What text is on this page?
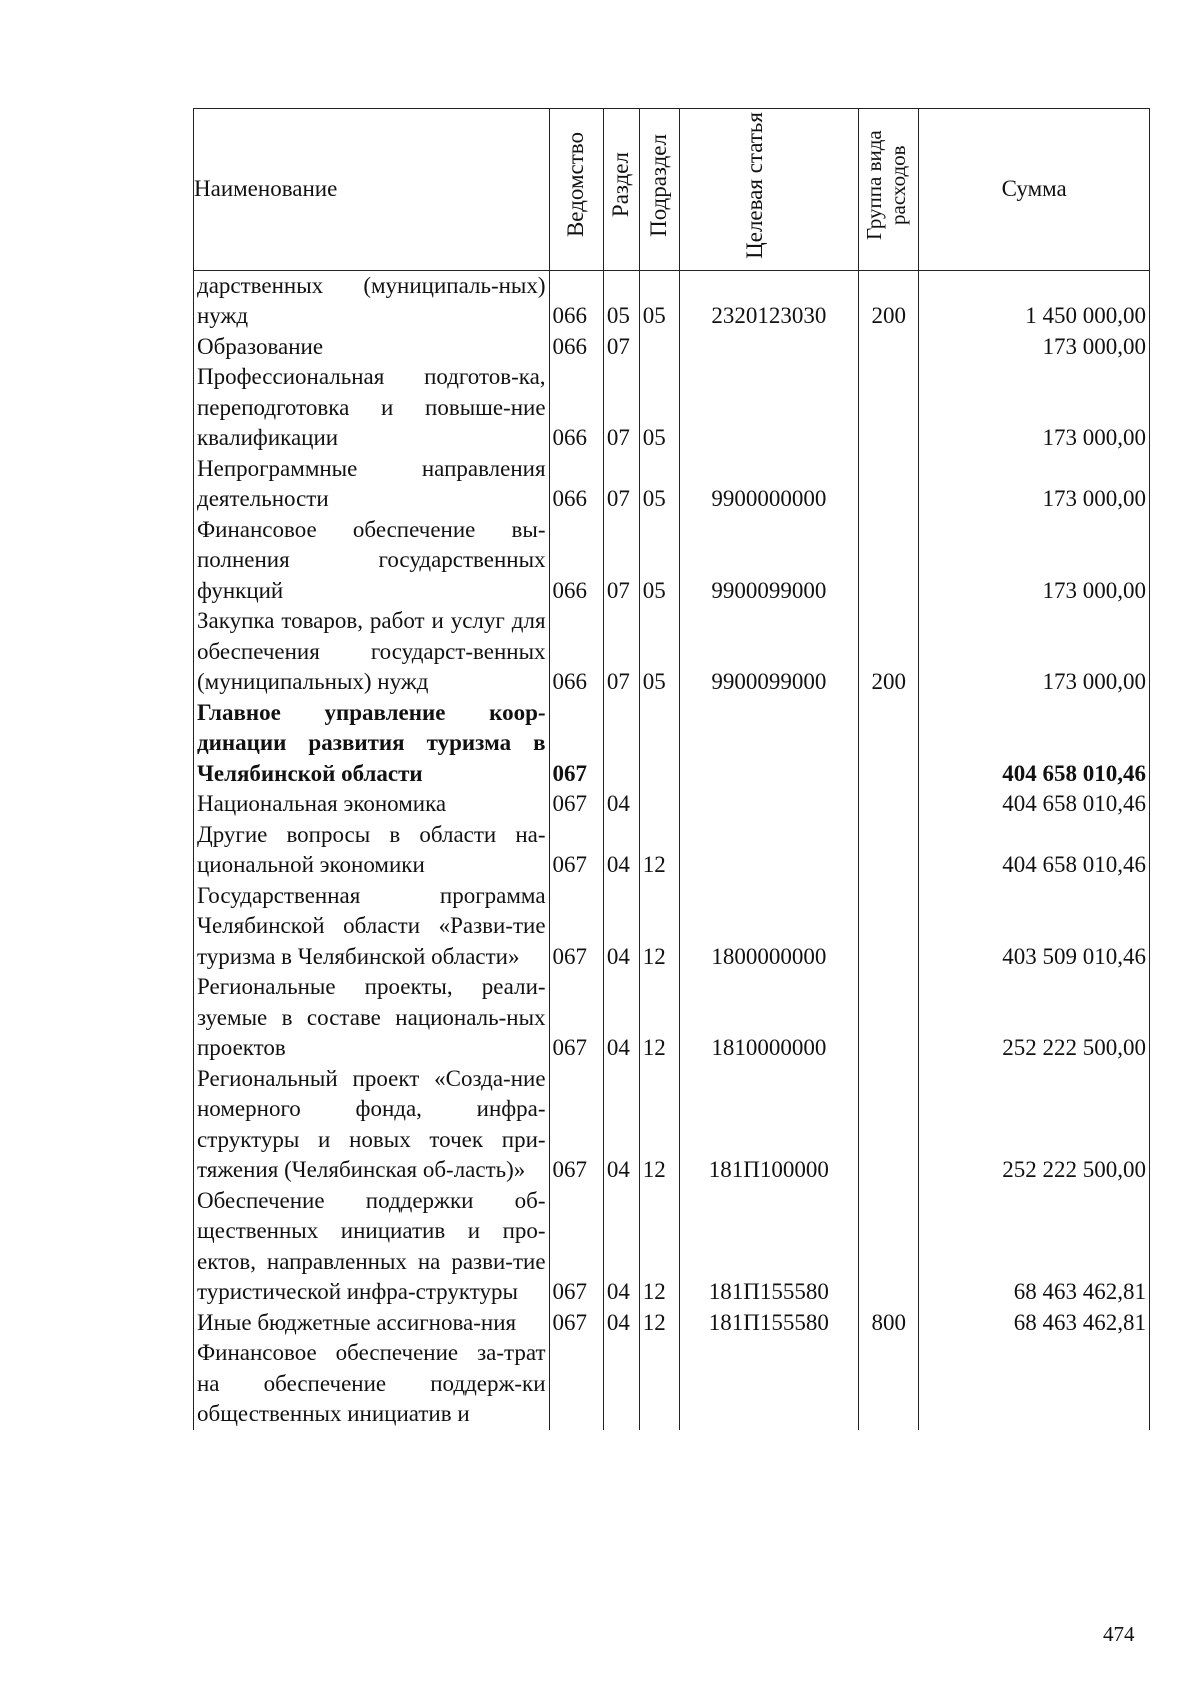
Наименование	Ведомство	Раздел	Подраздел	Целевая статья	Группа вида расходов	Сумма
дарственных (муниципаль-ных) нужд	066	05	05	2320123030	200	1 450 000,00
Образование	066	07				173 000,00
Профессиональная подготов-ка, переподготовка и повыше-ние квалификации	066	07	05			173 000,00
Непрограммные направления деятельности	066	07	05	9900000000		173 000,00
Финансовое обеспечение вы-полнения государственных функций	066	07	05	9900099000		173 000,00
Закупка товаров, работ и услуг для обеспечения государст-венных (муниципальных) нужд	066	07	05	9900099000	200	173 000,00
Главное управление коор-динации развития туризма в Челябинской области	067					404 658 010,46
Национальная экономика	067	04				404 658 010,46
Другие вопросы в области на-циональной экономики	067	04	12			404 658 010,46
Государственная программа Челябинской области «Разви-тие туризма в Челябинской области»	067	04	12	1800000000		403 509 010,46
Региональные проекты, реали-зуемые в составе националь-ных проектов	067	04	12	1810000000		252 222 500,00
Региональный проект «Созда-ние номерного фонда, инфра-структуры и новых точек при-тяжения (Челябинская об-ласть)»	067	04	12	181П100000		252 222 500,00
Обеспечение поддержки об-щественных инициатив и про-ектов, направленных на разви-тие туристической инфра-структуры	067	04	12	181П155580		68 463 462,81
Иные бюджетные ассигнова-ния	067	04	12	181П155580	800	68 463 462,81
Финансовое обеспечение за-трат на обеспечение поддерж-ки общественных инициатив и						
474
